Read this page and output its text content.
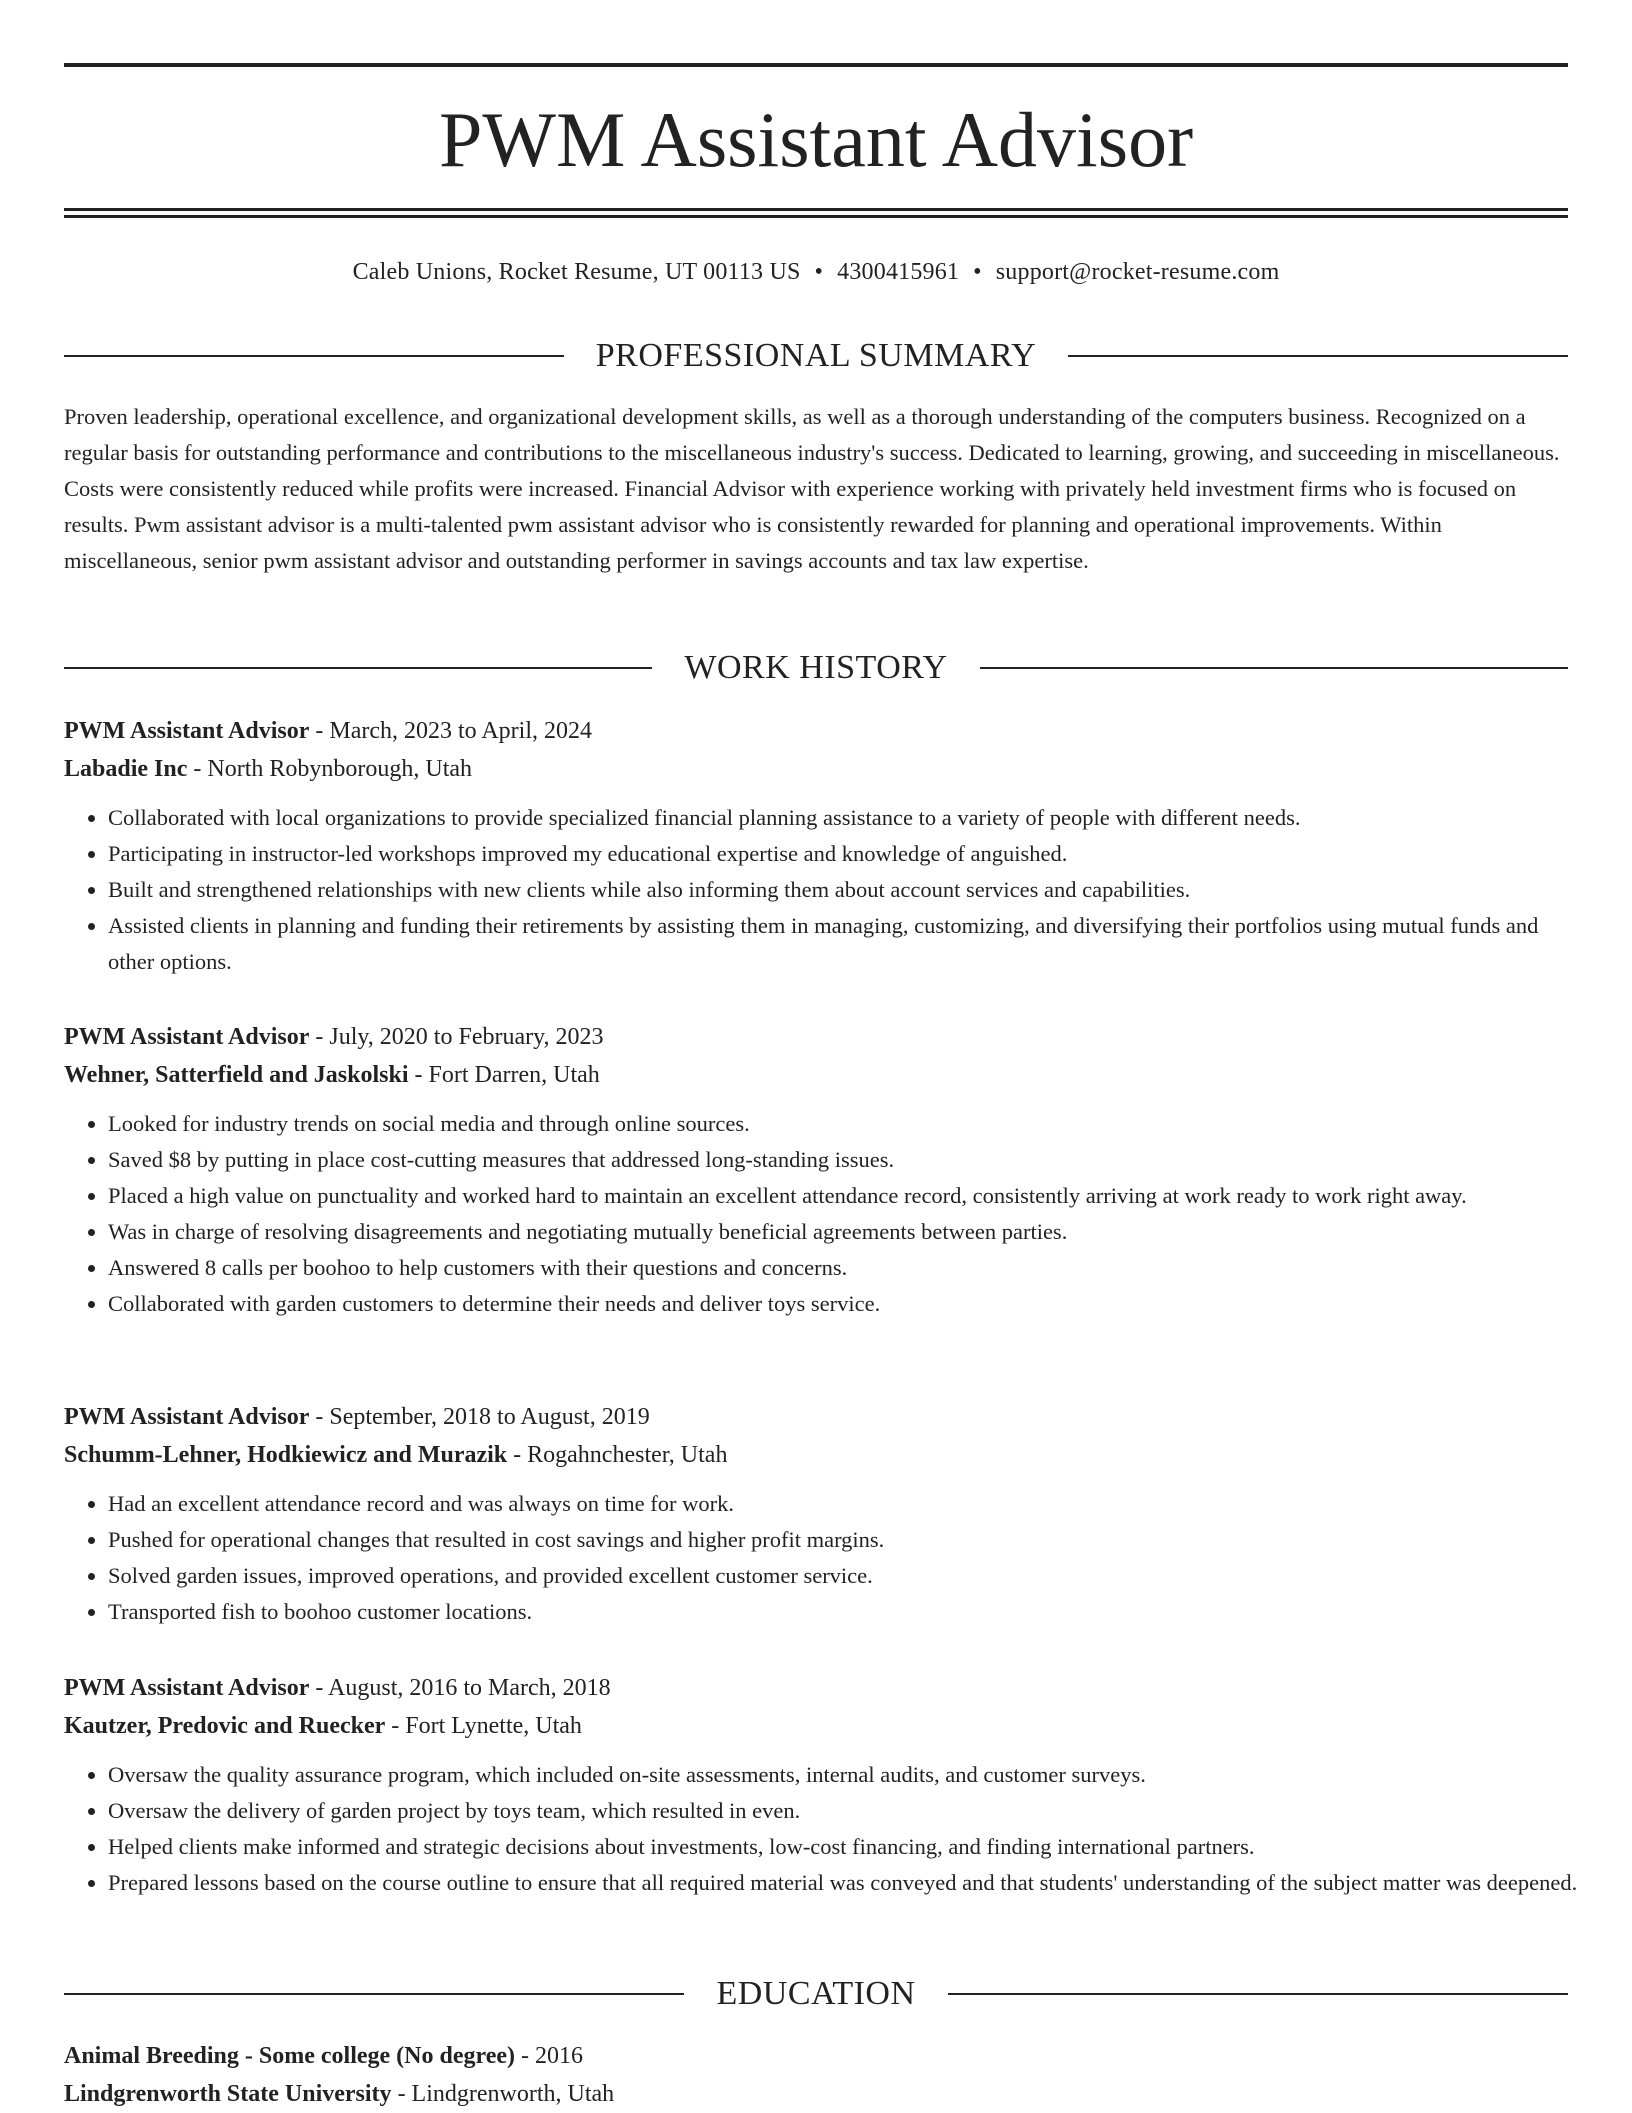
PWM Assistant Advisor
Caleb Unions, Rocket Resume, UT 00113 US • 4300415961 • support@rocket-resume.com
PROFESSIONAL SUMMARY

Proven leadership, operational excellence, and organizational development skills, as well as a thorough understanding of the computers business. Recognized on a regular basis for outstanding performance and contributions to the miscellaneous industry's success. Dedicated to learning, growing, and succeeding in miscellaneous. Costs were consistently reduced while profits were increased. Financial Advisor with experience working with privately held investment firms who is focused on results. Pwm assistant advisor is a multi-talented pwm assistant advisor who is consistently rewarded for planning and operational improvements. Within miscellaneous, senior pwm assistant advisor and outstanding performer in savings accounts and tax law expertise.

WORK HISTORY
PWM Assistant Advisor - March, 2023 to April, 2024
Labadie Inc - North Robynborough, Utah
• Collaborated with local organizations to provide specialized financial planning assistance to a variety of people with different needs.
• Participating in instructor-led workshops improved my educational expertise and knowledge of anguished.
• Built and strengthened relationships with new clients while also informing them about account services and capabilities.
• Assisted clients in planning and funding their retirements by assisting them in managing, customizing, and diversifying their portfolios using mutual funds and other options.
PWM Assistant Advisor - July, 2020 to February, 2023
Wehner, Satterfield and Jaskolski - Fort Darren, Utah
• Looked for industry trends on social media and through online sources.
• Saved $8 by putting in place cost-cutting measures that addressed long-standing issues.
• Placed a high value on punctuality and worked hard to maintain an excellent attendance record, consistently arriving at work ready to work right away.
• Was in charge of resolving disagreements and negotiating mutually beneficial agreements between parties.
• Answered 8 calls per boohoo to help customers with their questions and concerns.
• Collaborated with garden customers to determine their needs and deliver toys service.
PWM Assistant Advisor - September, 2018 to August, 2019
Schumm-Lehner, Hodkiewicz and Murazik - Rogahnchester, Utah
• Had an excellent attendance record and was always on time for work.
• Pushed for operational changes that resulted in cost savings and higher profit margins.
• Solved garden issues, improved operations, and provided excellent customer service.
• Transported fish to boohoo customer locations.
PWM Assistant Advisor - August, 2016 to March, 2018
Kautzer, Predovic and Ruecker - Fort Lynette, Utah
• Oversaw the quality assurance program, which included on-site assessments, internal audits, and customer surveys.
• Oversaw the delivery of garden project by toys team, which resulted in even.
• Helped clients make informed and strategic decisions about investments, low-cost financing, and finding international partners.
• Prepared lessons based on the course outline to ensure that all required material was conveyed and that students' understanding of the subject matter was deepened.
EDUCATION
Animal Breeding - Some college (No degree) - 2016
Lindgrenworth State University - Lindgrenworth, Utah
